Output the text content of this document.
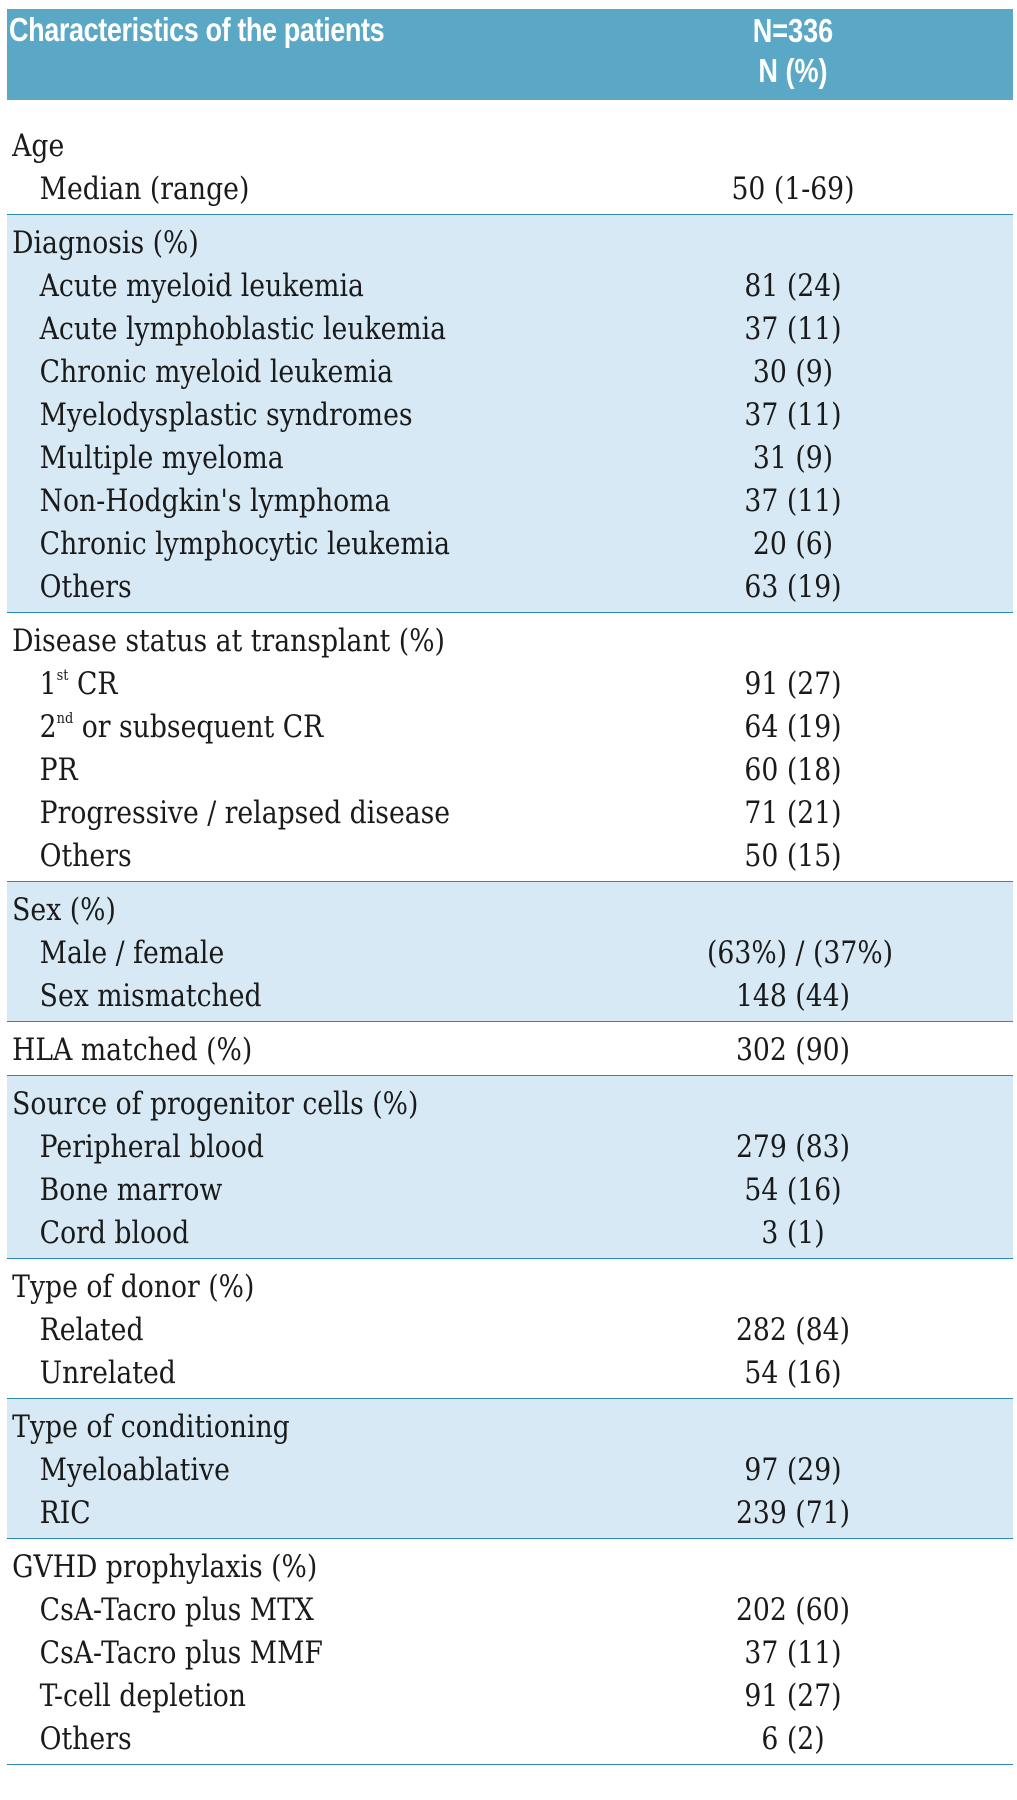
Characteristics of the patients	N=336
N (%)
Age
Median (range)	50 (1-69)
Diagnosis (%)
Acute myeloid leukemia	81 (24)
Acute lymphoblastic leukemia	37 (11)
Chronic myeloid leukemia	30 (9)
Myelodysplastic syndromes	37 (11)
Multiple myeloma	31 (9)
Non-Hodgkin's lymphoma	37 (11)
Chronic lymphocytic leukemia	20 (6)
Others	63 (19)
Disease status at transplant (%)
1st CR	91 (27)
2nd or subsequent CR	64 (19)
PR	60 (18)
Progressive / relapsed disease	71 (21)
Others	50 (15)
Sex (%)
Male / female	(63%) / (37%)
Sex mismatched	148 (44)
HLA matched (%)	302 (90)
Source of progenitor cells (%)
Peripheral blood	279 (83)
Bone marrow	54 (16)
Cord blood	3 (1)
Type of donor (%)
Related	282 (84)
Unrelated	54 (16)
Type of conditioning
Myeloablative	97 (29)
RIC	239 (71)
GVHD prophylaxis (%)
CsA-Tacro plus MTX	202 (60)
CsA-Tacro plus MMF	37 (11)
T-cell depletion	91 (27)
Others	6 (2)
